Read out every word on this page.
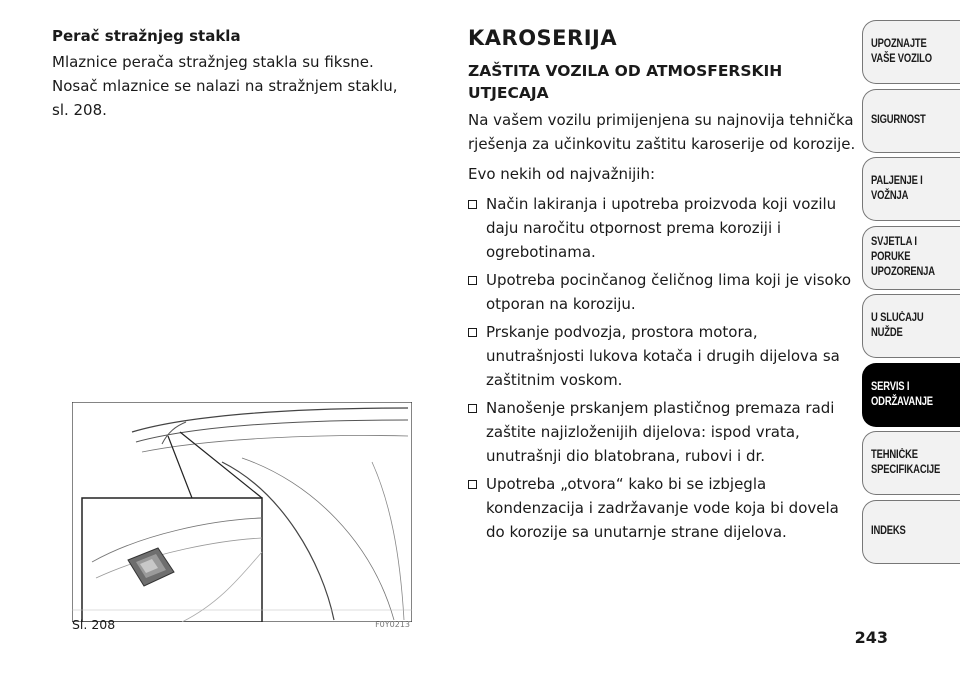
Perač stražnjeg stakla

Mlaznice perača stražnjeg stakla su fiksne. Nosač mlaznice se nalazi na stražnjem staklu, sl. 208.

KAROSERIJA
ZAŠTITA VOZILA OD ATMOSFERSKIH UTJECAJA

Na vašem vozilu primijenjena su najnovija tehnička rješenja za učinkovitu zaštitu karoserije od korozije.

Evo nekih od najvažnijih:

Način lakiranja i upotreba proizvoda koji vozilu daju naročitu otpornost prema koroziji i ogrebotinama.
Upotreba pocinčanog čeličnog lima koji je visoko otporan na koroziju.
Prskanje podvozja, prostora motora, unutrašnjosti lukova kotača i drugih dijelova sa zaštitnim voskom.
Nanošenje prskanjem plastičnog premaza radi zaštite najizloženijih dijelova: ispod vrata, unutrašnji dio blatobrana, rubovi i dr.
Upotreba „otvora“ kako bi se izbjegla kondenzacija i zadržavanje vode koja bi dovela do korozije sa unutarnje strane dijelova.
Sl. 208	F0Y0213
UPOZNAJTE
VAŠE VOZILO
SIGURNOST
PALJENJE I
VOŽNJA
SVJETLA I PORUKE
UPOZORENJA
U SLUČAJU
NUŽDE
SERVIS I
ODRŽAVANJE
TEHNIČKE
SPECIFIKACIJE
INDEKS
243
